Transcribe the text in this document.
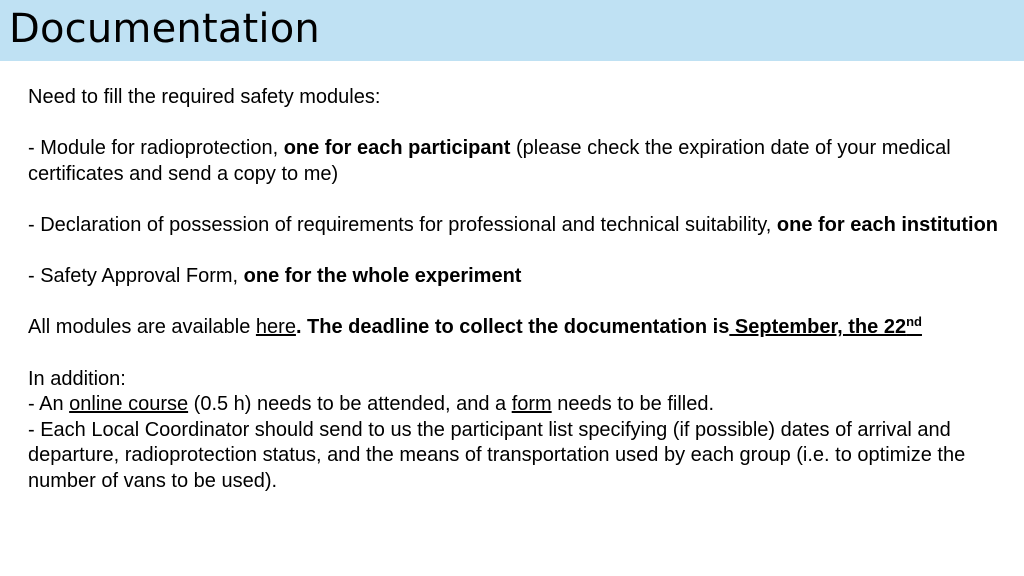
Documentation
Need to fill the required safety modules:
- Module for radioprotection, one for each participant (please check the expiration date of your medical certificates and send a copy to me)
- Declaration of possession of requirements for professional and technical suitability, one for each institution
- Safety Approval Form, one for the whole experiment
All modules are available here. The deadline to collect the documentation is September, the 22nd
In addition:
- An online course (0.5 h) needs to be attended, and a form needs to be filled.
- Each Local Coordinator should send to us the participant list specifying (if possible) dates of arrival and departure, radioprotection status, and the means of transportation used by each group (i.e. to optimize the number of vans to be used).
